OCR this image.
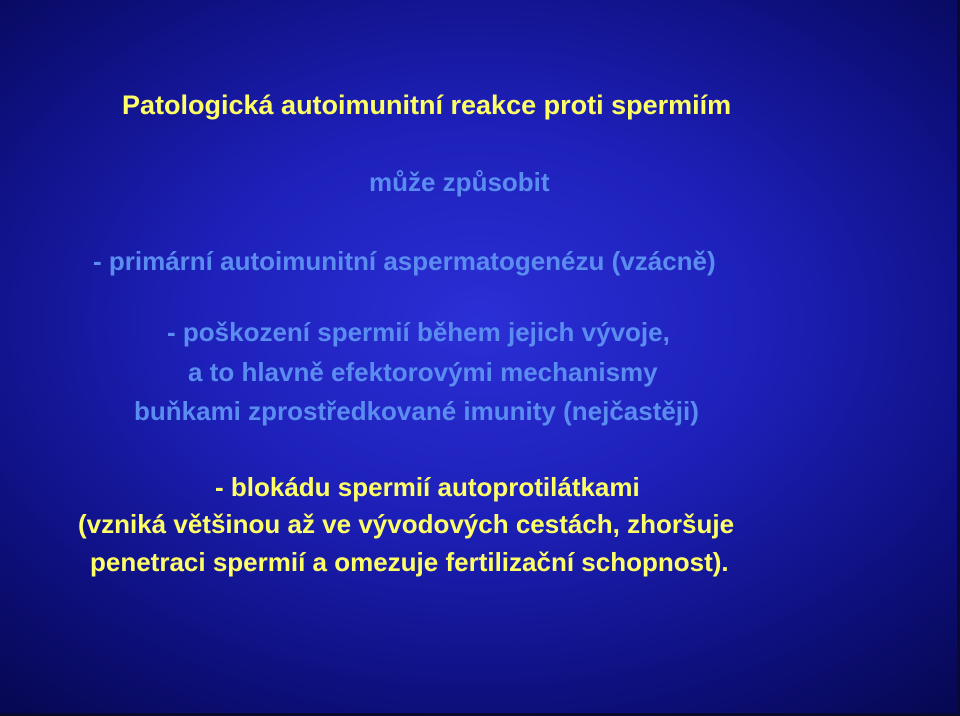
Patologická autoimunitní reakce proti spermiím
může způsobit
- primární autoimunitní aspermatogenézu (vzácně)
- poškození spermií během jejich vývoje,
a to hlavně efektorovými mechanismy
buňkami zprostředkované imunity (nejčastěji)
- blokádu spermií autoprotilátkami
(vzniká většinou až ve vývodových cestách, zhoršuje
penetraci spermií a omezuje fertilizační schopnost).
